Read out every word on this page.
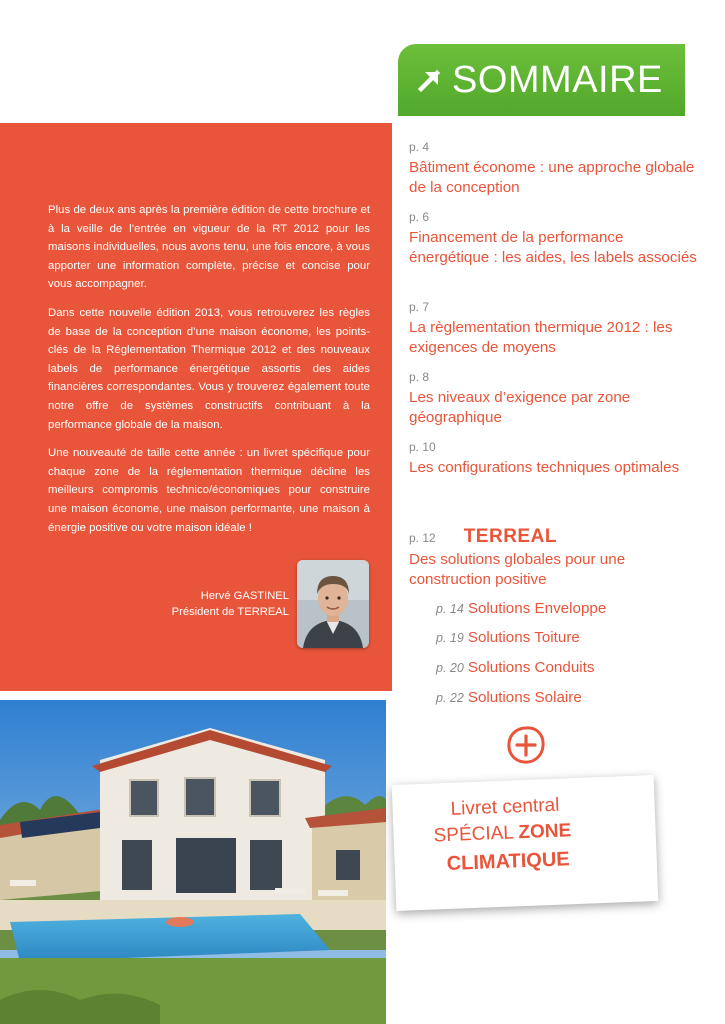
SOMMAIRE

Plus de deux ans après la première édition de cette brochure et à la veille de l’entrée en vigueur de la RT 2012 pour les maisons individuelles, nous avons tenu, une fois encore, à vous apporter une information complète, précise et concise pour vous accompagner.

Dans cette nouvelle édition 2013, vous retrouverez les règles de base de la conception d’une maison économe, les points-clés de la Réglementation Thermique 2012 et des nouveaux labels de performance énergétique assortis des aides financières correspondantes. Vous y trouverez également toute notre offre de systèmes constructifs contribuant à la performance globale de la maison.

Une nouveauté de taille cette année : un livret spécifique pour chaque zone de la réglementation thermique décline les meilleurs compromis technico/économiques pour construire une maison économe, une maison performante, une maison à énergie positive ou votre maison idéale !

Hervé GASTINEL
Président de TERREAL

p. 4

Bâtiment économe : une approche globale de la conception

p. 6

Financement de la performance énergétique : les aides, les labels associés

p. 7

La règlementation thermique 2012 : les exigences de moyens

p. 8

Les niveaux d’exigence par zone géographique

p. 10

Les configurations techniques optimales

p. 12 TERREAL

Des solutions globales pour une construction positive

p. 14 Solutions Enveloppe
p. 19 Solutions Toiture
p. 20 Solutions Conduits
p. 22 Solutions Solaire
Livret central
SPÉCIAL ZONE
CLIMATIQUE
